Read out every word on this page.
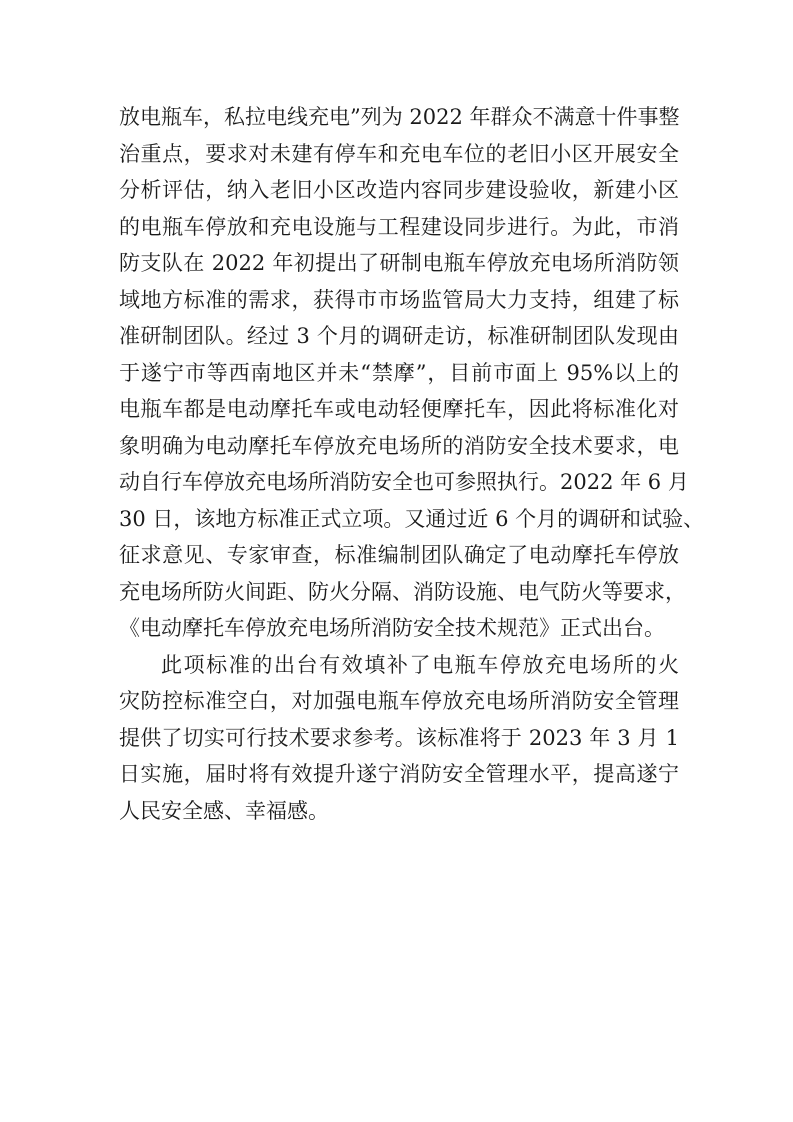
放电瓶车，私拉电线充电”列为 2022 年群众不满意十件事整
治重点，要求对未建有停车和充电车位的老旧小区开展安全
分析评估，纳入老旧小区改造内容同步建设验收，新建小区
的电瓶车停放和充电设施与工程建设同步进行。为此，市消
防支队在 2022 年初提出了研制电瓶车停放充电场所消防领
域地方标准的需求，获得市市场监管局大力支持，组建了标
准研制团队。经过 3 个月的调研走访，标准研制团队发现由
于遂宁市等西南地区并未“禁摩”，目前市面上 95%以上的
电瓶车都是电动摩托车或电动轻便摩托车，因此将标准化对
象明确为电动摩托车停放充电场所的消防安全技术要求，电
动自行车停放充电场所消防安全也可参照执行。2022 年 6 月
30 日，该地方标准正式立项。又通过近 6 个月的调研和试验、
征求意见、专家审查，标准编制团队确定了电动摩托车停放
充电场所防火间距、防火分隔、消防设施、电气防火等要求，
《电动摩托车停放充电场所消防安全技术规范》正式出台。
此项标准的出台有效填补了电瓶车停放充电场所的火
灾防控标准空白，对加强电瓶车停放充电场所消防安全管理
提供了切实可行技术要求参考。该标准将于 2023 年 3 月 1
日实施，届时将有效提升遂宁消防安全管理水平，提高遂宁
人民安全感、幸福感。
